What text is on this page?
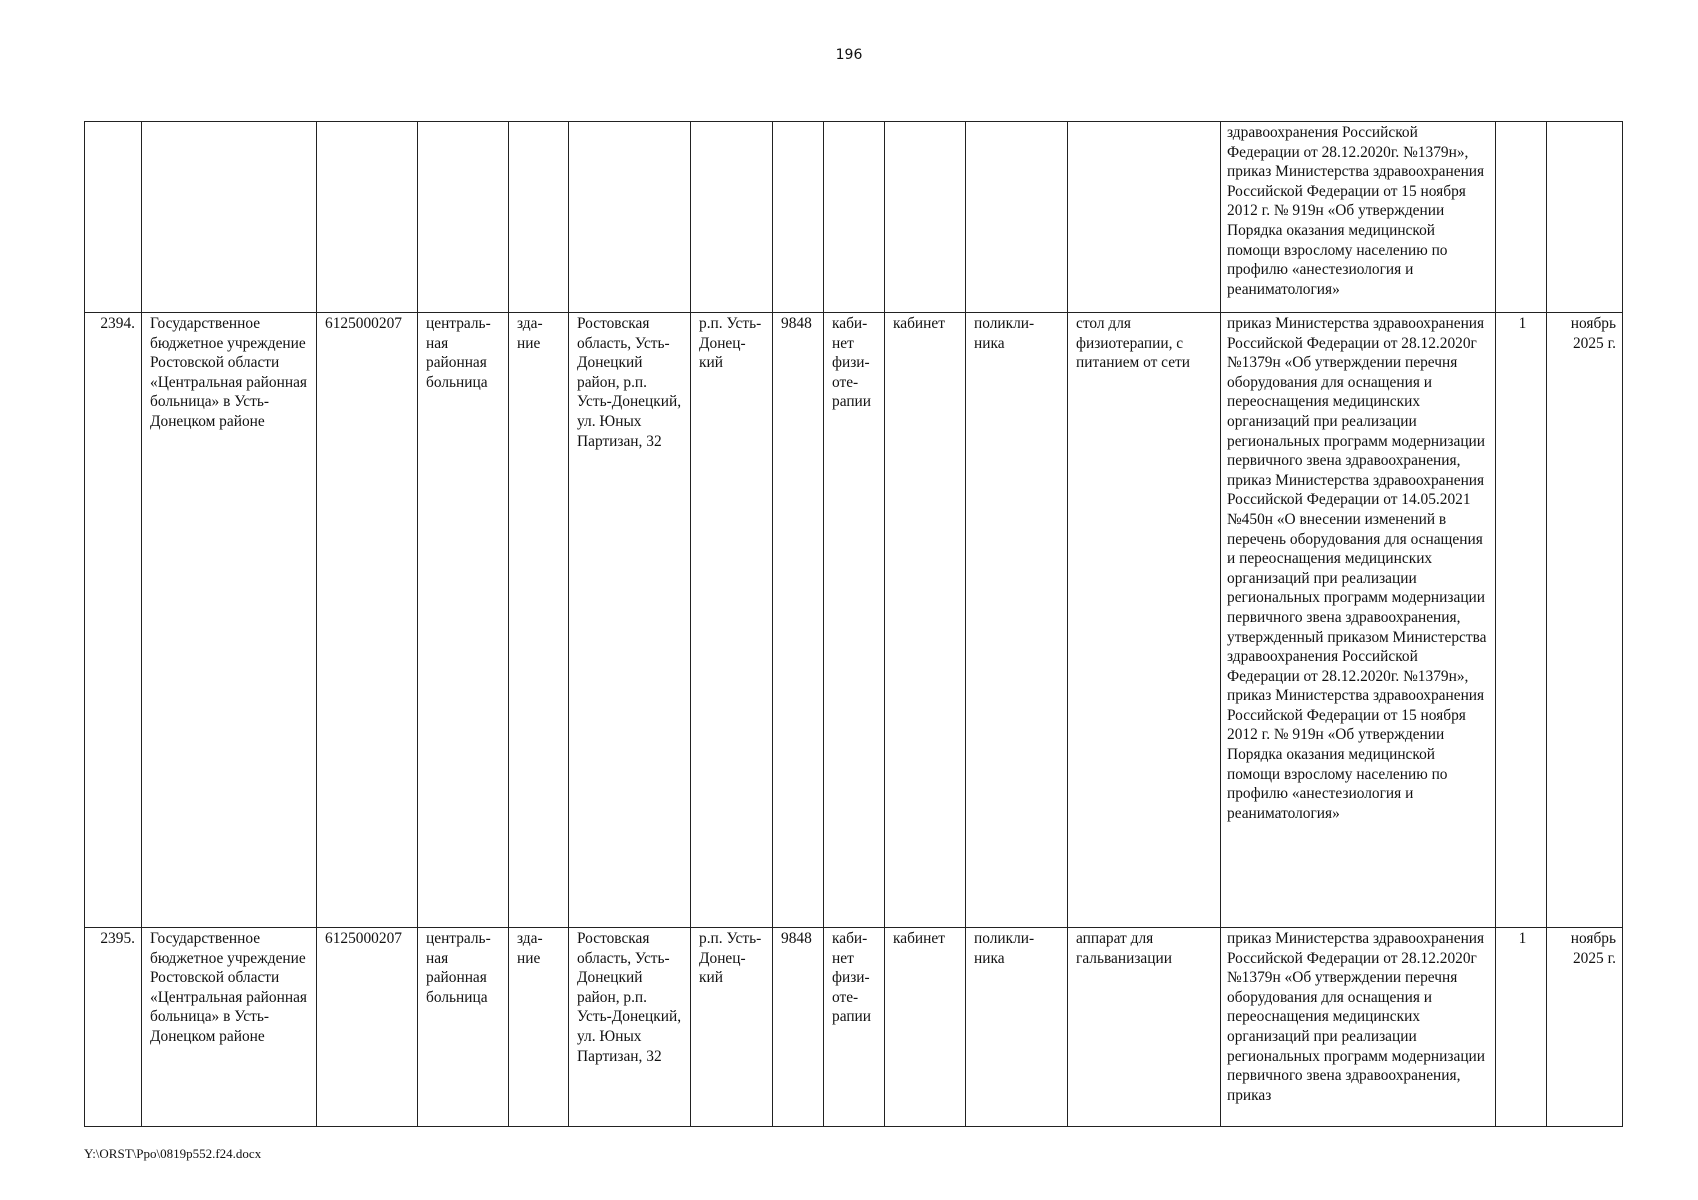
196
												здравоохранения Российской Федерации от 28.12.2020г. №1379н», приказ Министерства здравоохранения Российской Федерации от 15 ноября 2012 г. № 919н «Об утверждении Порядка оказания медицинской помощи взрослому населению по профилю «анестезиология и реаниматология»		
2394.	Государственное бюджетное учреждение Ростовской области «Центральная районная больница» в Усть-Донецком районе	6125000207	централь-ная районная больница	зда-ние	Ростовская область, Усть-Донецкий район, р.п. Усть-Донецкий, ул. Юных Партизан, 32	р.п. Усть-Донец-кий	9848	каби-нет физи-оте-рапии	кабинет	поликли-ника	стол для физиотерапии, с питанием от сети	приказ Министерства здравоохранения Российской Федерации от 28.12.2020г №1379н «Об утверждении перечня оборудования для оснащения и переоснащения медицинских организаций при реализации региональных программ модернизации первичного звена здравоохранения, приказ Министерства здравоохранения Российской Федерации от 14.05.2021 №450н «О внесении изменений в перечень оборудования для оснащения и переоснащения медицинских организаций при реализации региональных программ модернизации первичного звена здравоохранения, утвержденный приказом Министерства здравоохранения Российской Федерации от 28.12.2020г. №1379н», приказ Министерства здравоохранения Российской Федерации от 15 ноября 2012 г. № 919н «Об утверждении Порядка оказания медицинской помощи взрослому населению по профилю «анестезиология и реаниматология»	1	ноябрь 2025 г.
2395.	Государственное бюджетное учреждение Ростовской области «Центральная районная больница» в Усть-Донецком районе	6125000207	централь-ная районная больница	зда-ние	Ростовская область, Усть-Донецкий район, р.п. Усть-Донецкий, ул. Юных Партизан, 32	р.п. Усть-Донец-кий	9848	каби-нет физи-оте-рапии	кабинет	поликли-ника	аппарат для гальванизации	приказ Министерства здравоохранения Российской Федерации от 28.12.2020г №1379н «Об утверждении перечня оборудования для оснащения и переоснащения медицинских организаций при реализации региональных программ модернизации первичного звена здравоохранения, приказ	1	ноябрь 2025 г.
Y:\ORST\Ppo\0819p552.f24.docx
